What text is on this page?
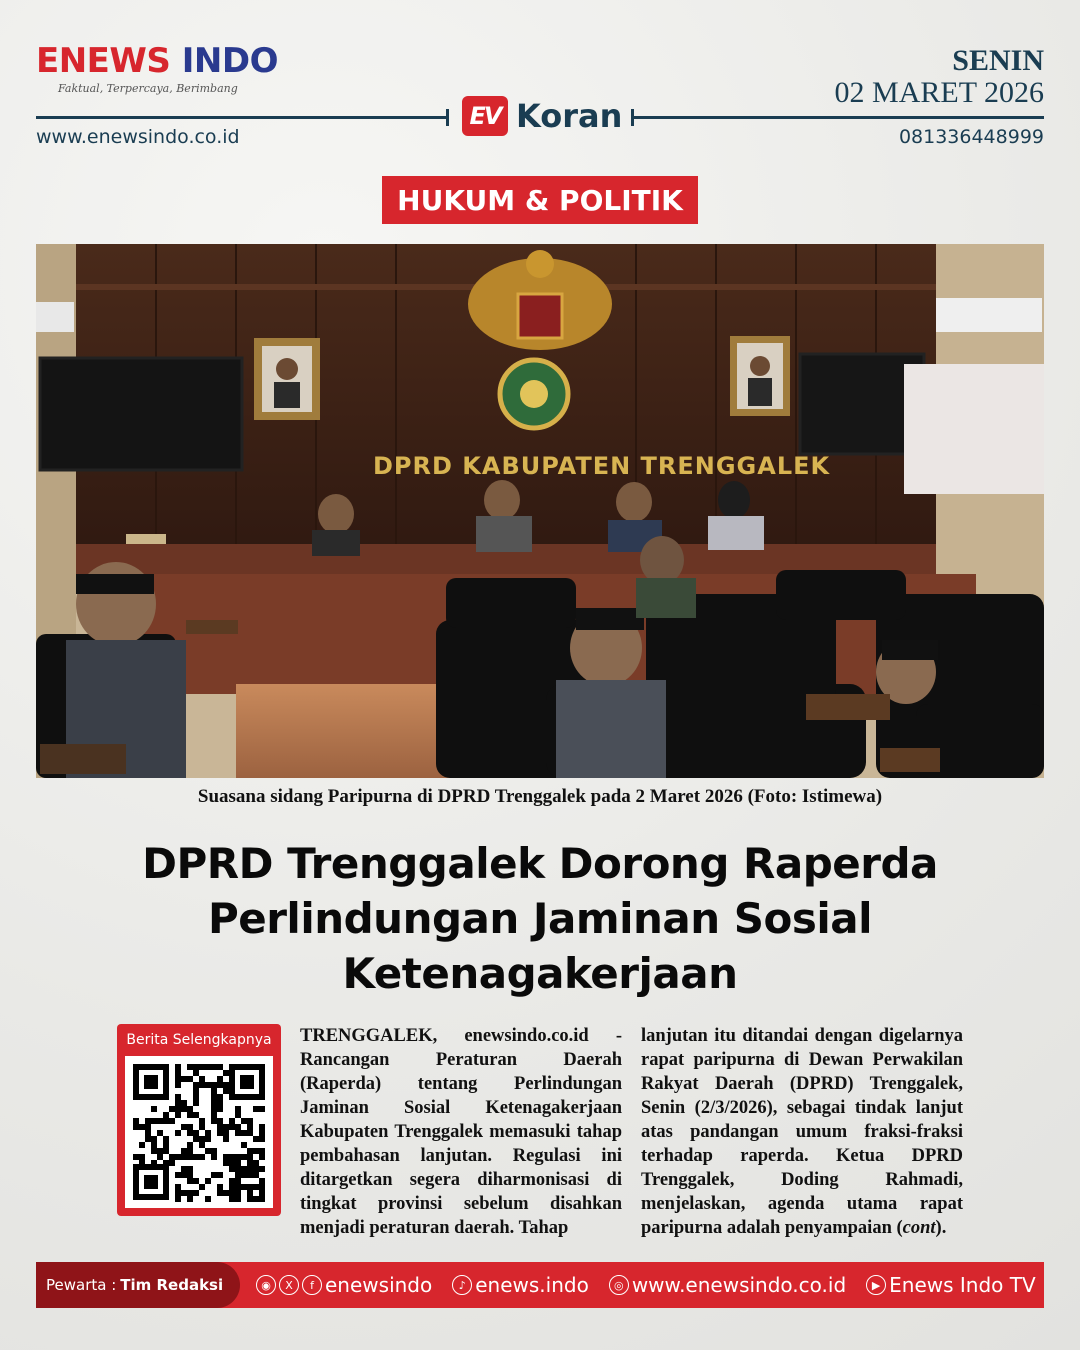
ENEWS INDO
Faktual, Terpercaya, Berimbang
SENIN
02 MARET 2026
EV Koran
www.enewsindo.co.id	081336448999
HUKUM & POLITIK
DPRD KABUPATEN TRENGGALEK
Suasana sidang Paripurna di DPRD Trenggalek pada 2 Maret 2026 (Foto: Istimewa)
DPRD Trenggalek Dorong Raperda Perlindungan Jaminan Sosial Ketenagakerjaan
Berita Selengkapnya	TRENGGALEK, enewsindo.co.id - Rancangan Peraturan Daerah (Raperda) tentang Perlindungan Jaminan Sosial Ketenagakerjaan Kabupaten Trenggalek memasuki tahap pembahasan lanjutan. Regulasi ini ditargetkan segera diharmonisasi di tingkat provinsi sebelum disahkan menjadi peraturan daerah. Tahap
lanjutan itu ditandai dengan digelarnya rapat paripurna di Dewan Perwakilan Rakyat Daerah (DPRD) Trenggalek, Senin (2/3/2026), sebagai tindak lanjut atas pandangan umum fraksi-fraksi terhadap raperda. Ketua DPRD Trenggalek, Doding Rahmadi, menjelaskan, agenda utama rapat paripurna adalah penyampaian (cont).
Pewarta : Tim Redaksi	◉	X	f enewsindo	♪ enews.indo	◎ www.enewsindo.co.id	▶ Enews Indo TV
